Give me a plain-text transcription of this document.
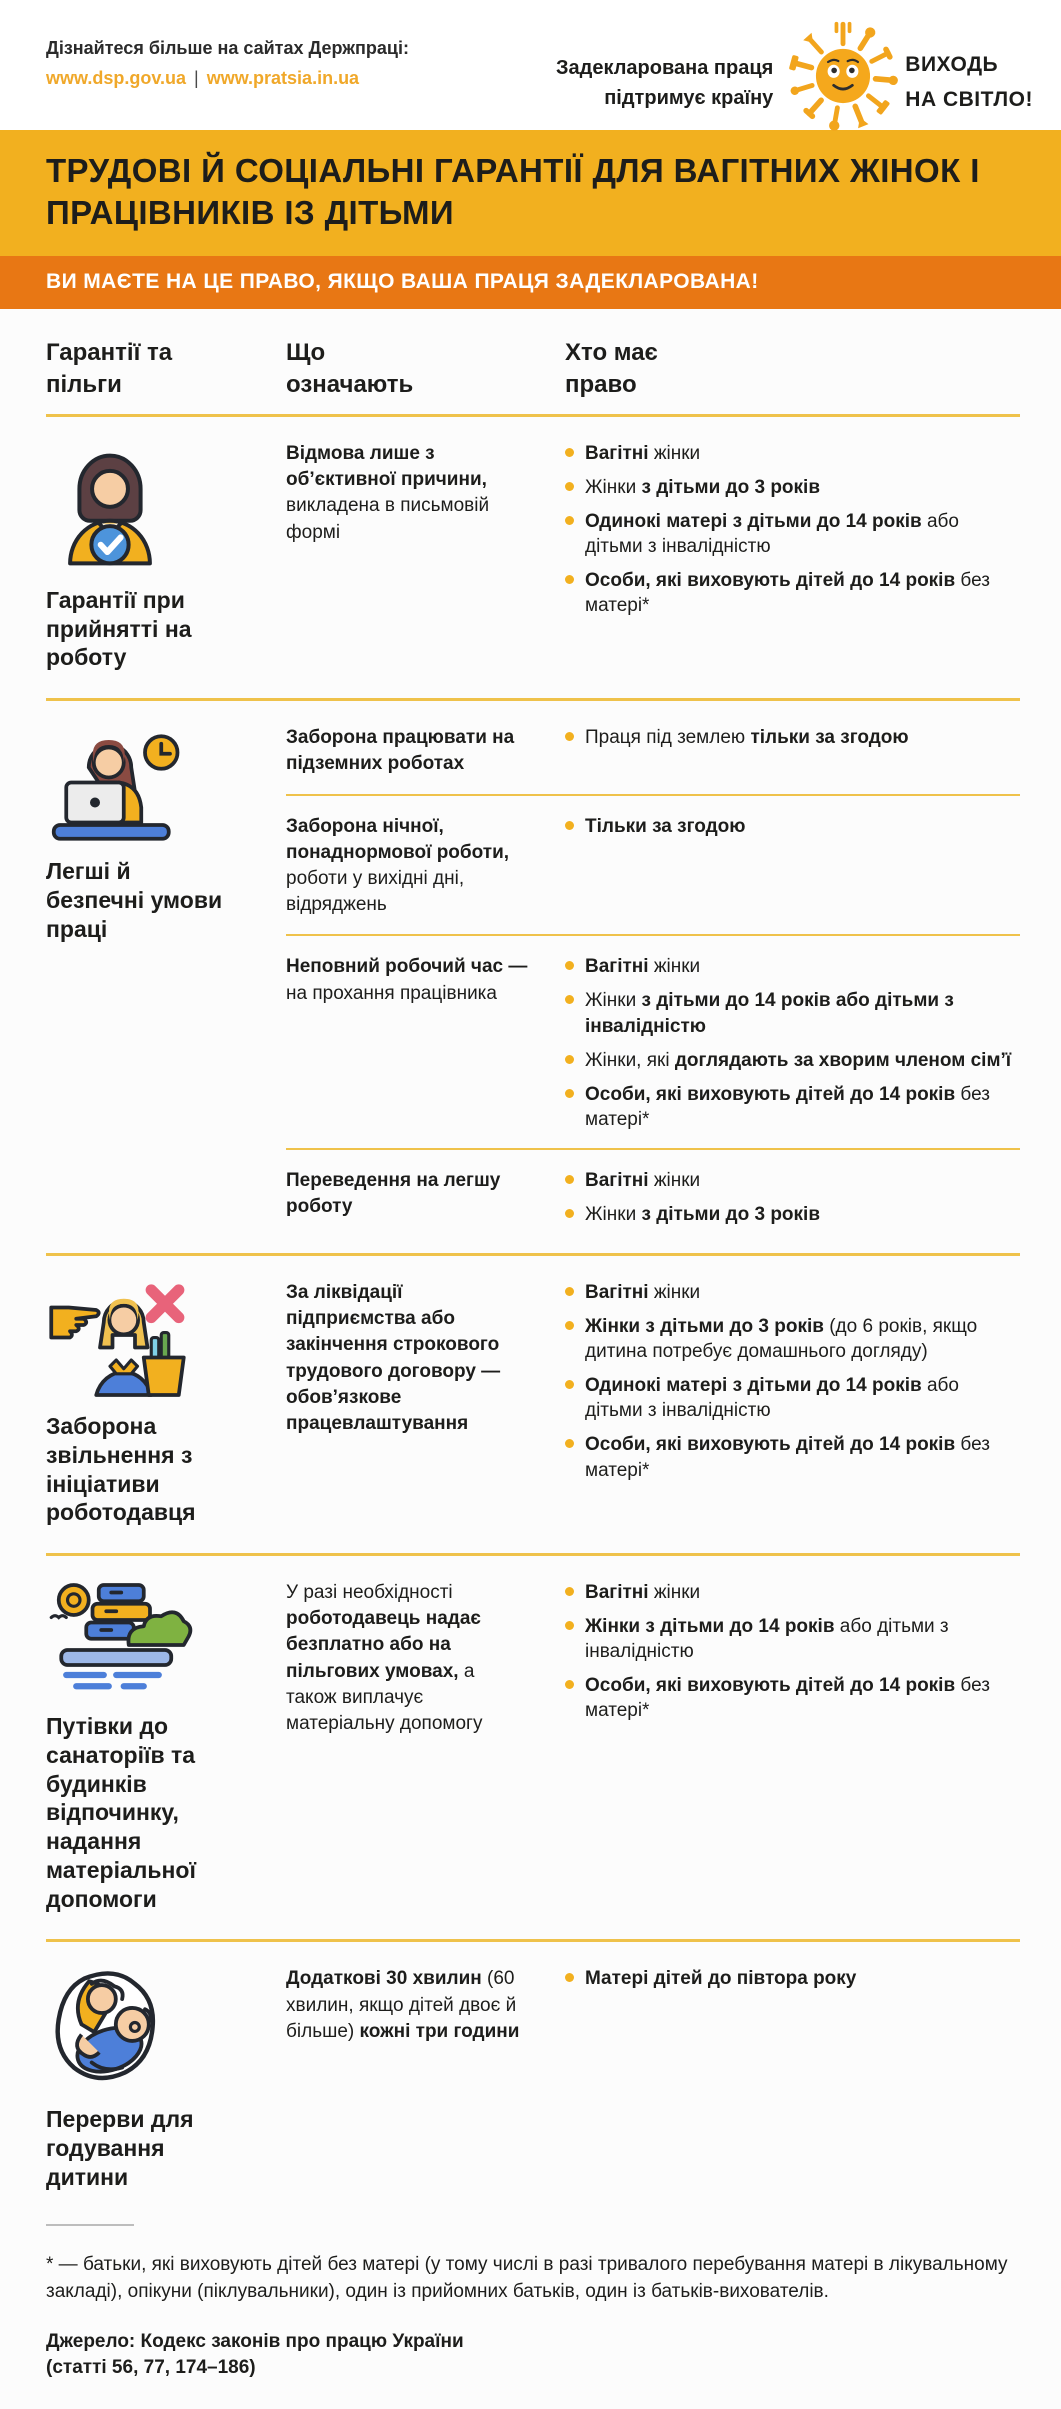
Дізнайтеся більше на сайтах Держпраці:
www.dsp.gov.ua | www.pratsia.in.ua	Задекларована праця
підтримує країну
ВИХОДЬ
НА СВІТЛО!
ТРУДОВІ Й СОЦІАЛЬНІ ГАРАНТІЇ ДЛЯ ВАГІТНИХ ЖІНОК І ПРАЦІВНИКІВ ІЗ ДІТЬМИ
ВИ МАЄТЕ НА ЦЕ ПРАВО, ЯКЩО ВАША ПРАЦЯ ЗАДЕКЛАРОВАНА!
Гарантії та пільги
Що означають
Хто має право
Гарантії при прийнятті на роботу
Відмова лише з об’єктивної причини, викладена в письмовій формі
Вагітні жінки
Жінки з дітьми до 3 років
Одинокі матері з дітьми до 14 років або дітьми з інвалідністю
Особи, які виховують дітей до 14 років без матері*
Легші й безпечні умови праці
Заборона працювати на підземних роботах
Праця під землею тільки за згодою
Заборона нічної, понаднормової роботи, роботи у вихідні дні, відряджень
Тільки за згодою
Неповний робочий час — на прохання працівника
Вагітні жінки
Жінки з дітьми до 14 років або дітьми з інвалідністю
Жінки, які доглядають за хворим членом сім’ї
Особи, які виховують дітей до 14 років без матері*
Переведення на легшу роботу
Вагітні жінки
Жінки з дітьми до 3 років
Заборона звільнення з ініціативи роботодавця
За ліквідації підприємства або закінчення строкового трудового договору — обов’язкове працевлаштування
Вагітні жінки
Жінки з дітьми до 3 років (до 6 років, якщо дитина потребує домашнього догляду)
Одинокі матері з дітьми до 14 років або дітьми з інвалідністю
Особи, які виховують дітей до 14 років без матері*
Путівки до санаторіїв та будинків відпочинку, надання матеріальної допомоги
У разі необхідності роботодавець надає безплатно або на пільгових умовах, а також виплачує матеріальну допомогу
Вагітні жінки
Жінки з дітьми до 14 років або дітьми з інвалідністю
Особи, які виховують дітей до 14 років без матері*
Перерви для годування дитини
Додаткові 30 хвилин (60 хвилин, якщо дітей двоє й більше) кожні три години
Матері дітей до півтора року

* — батьки, які виховують дітей без матері (у тому числі в разі тривалого перебування матері в лікувальному закладі), опікуни (піклувальники), один із прийомних батьків, один із батьків-вихователів.

Джерело: Кодекс законів про працю України
(статті 56, 77, 174–186)
